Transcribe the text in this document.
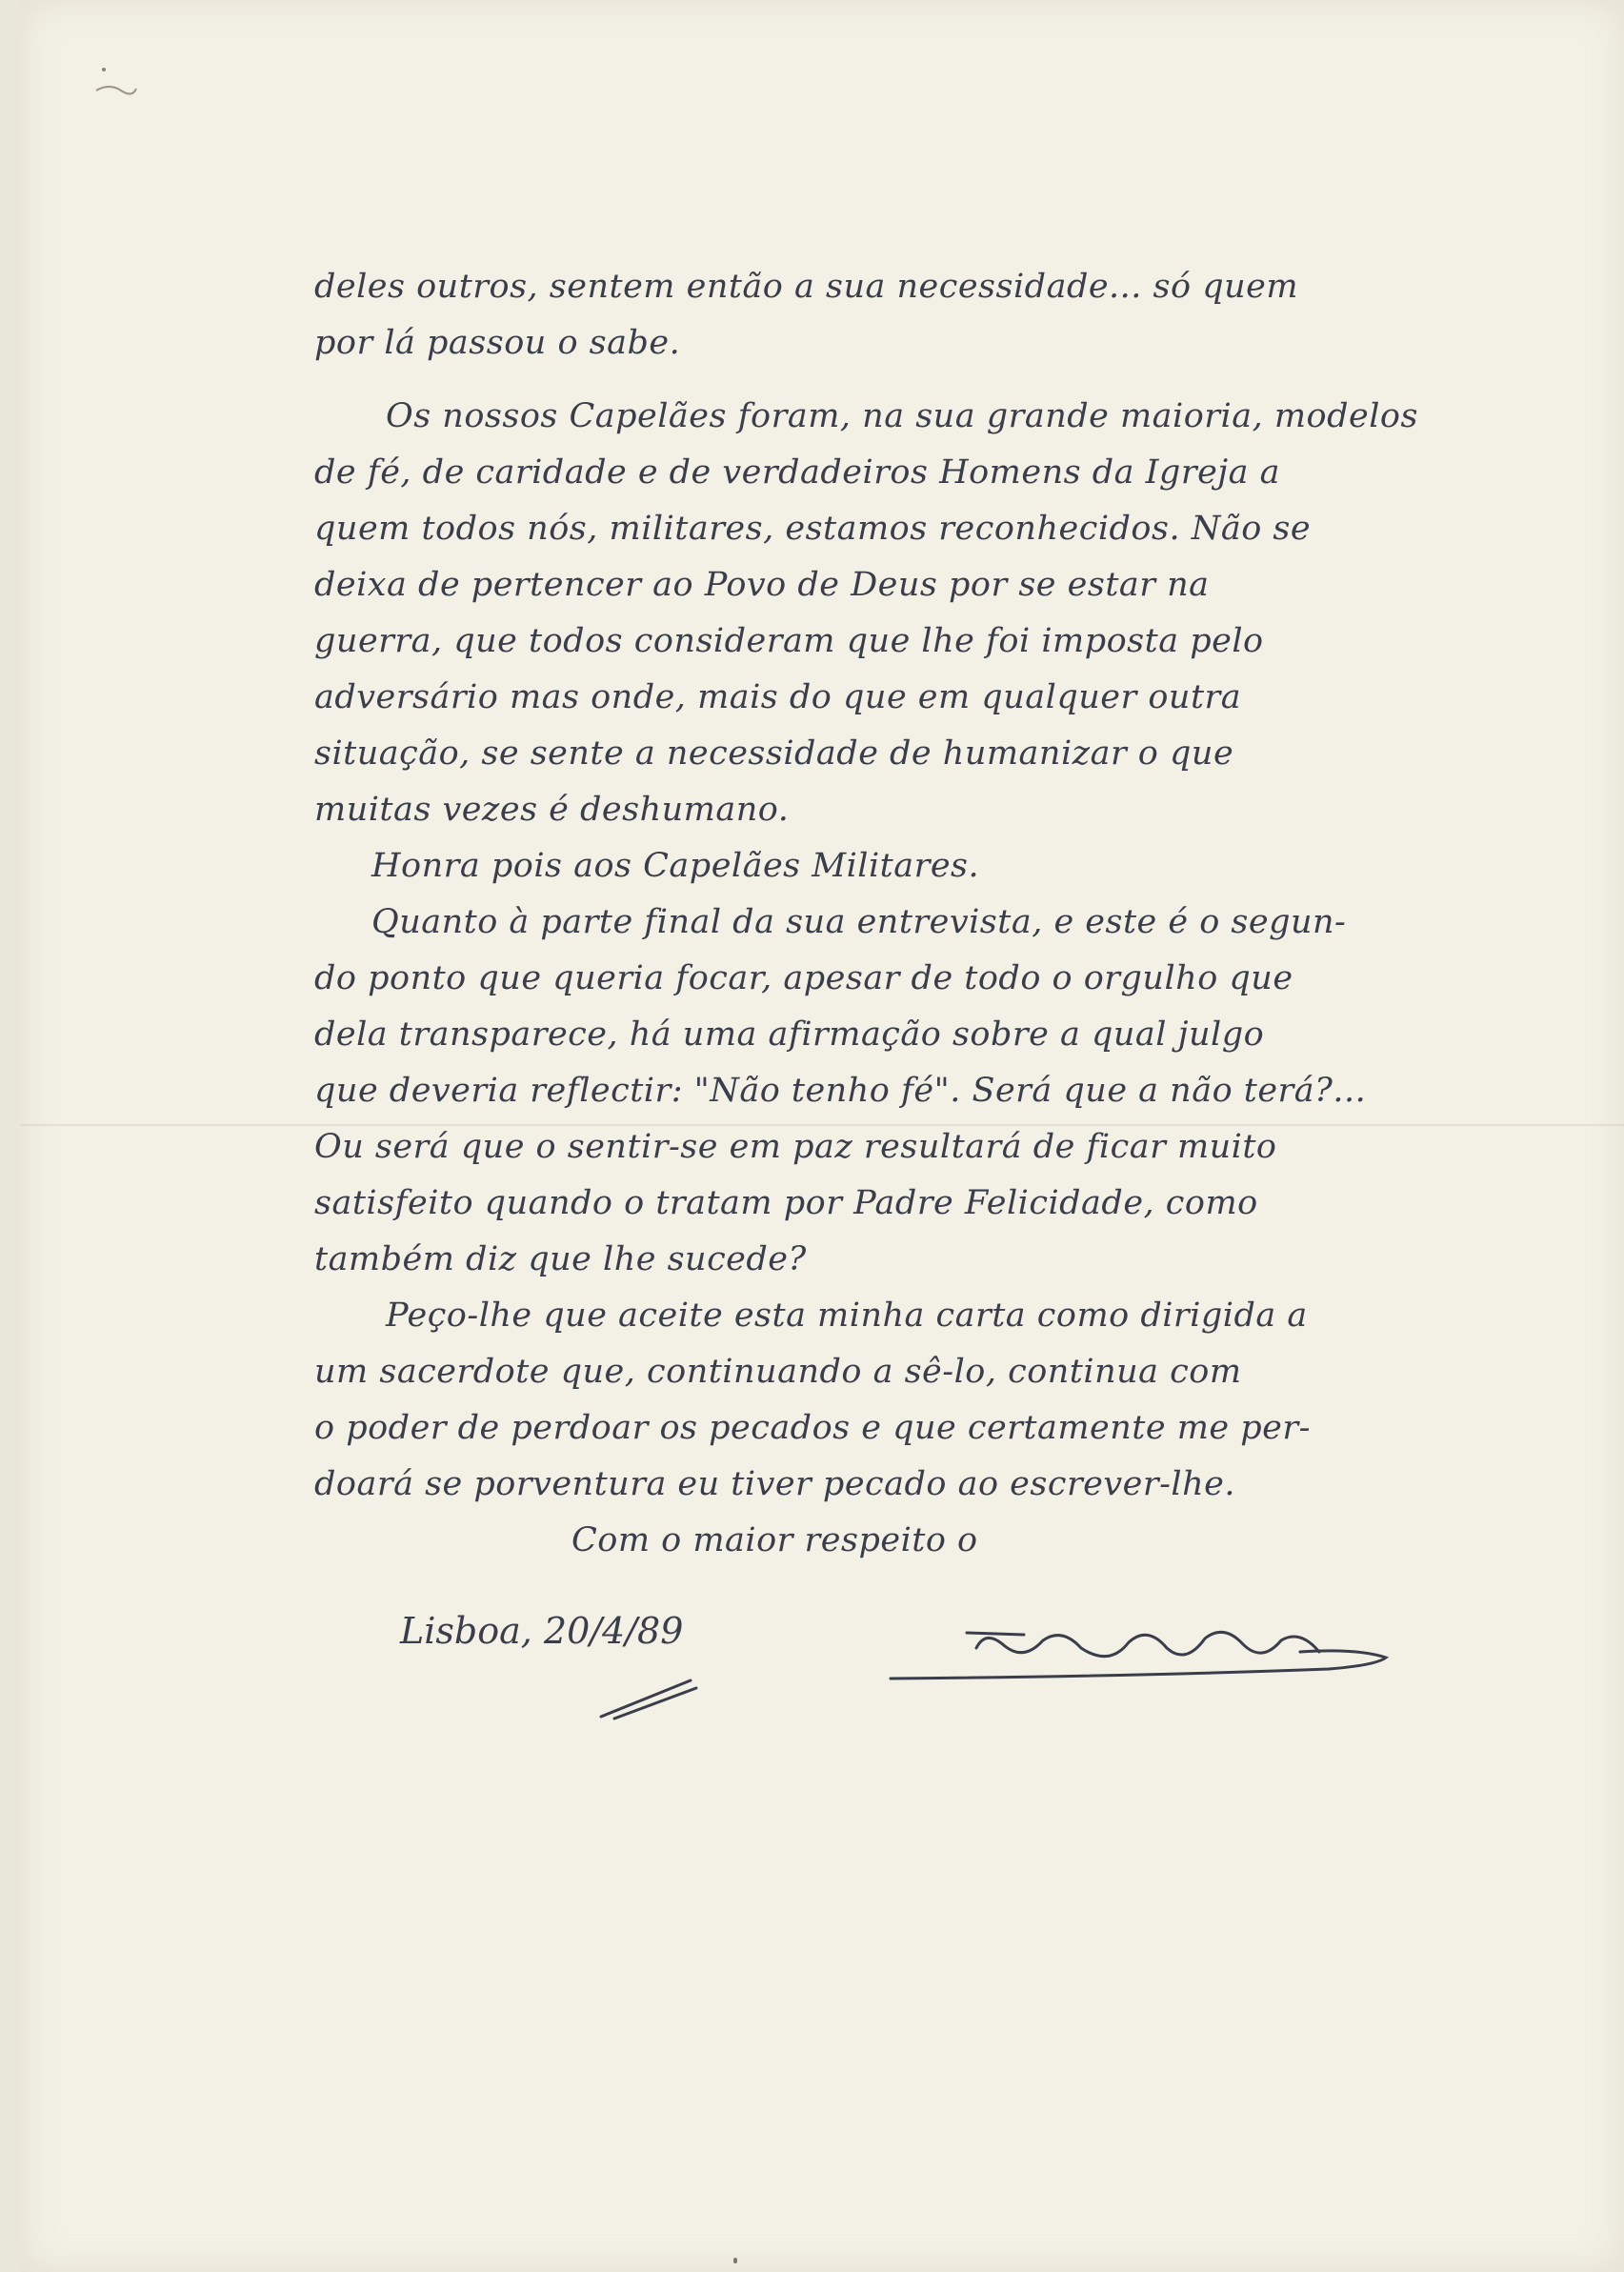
deles outros, sentem então a sua necessidade... só quem
por lá passou o sabe.
Os nossos Capelães foram, na sua grande maioria, modelos
de fé, de caridade e de verdadeiros Homens da Igreja a
quem todos nós, militares, estamos reconhecidos. Não se
deixa de pertencer ao Povo de Deus por se estar na
guerra, que todos consideram que lhe foi imposta pelo
adversário mas onde, mais do que em qualquer outra
situação, se sente a necessidade de humanizar o que
muitas vezes é deshumano.
Honra pois aos Capelães Militares.
Quanto à parte final da sua entrevista, e este é o segun-
do ponto que queria focar, apesar de todo o orgulho que
dela transparece, há uma afirmação sobre a qual julgo
que deveria reflectir: "Não tenho fé". Será que a não terá?...
Ou será que o sentir-se em paz resultará de ficar muito
satisfeito quando o tratam por Padre Felicidade, como
também diz que lhe sucede?
Peço-lhe que aceite esta minha carta como dirigida a
um sacerdote que, continuando a sê-lo, continua com
o poder de perdoar os pecados e que certamente me per-
doará se porventura eu tiver pecado ao escrever-lhe.
Com o maior respeito o
Lisboa, 20/4/89
